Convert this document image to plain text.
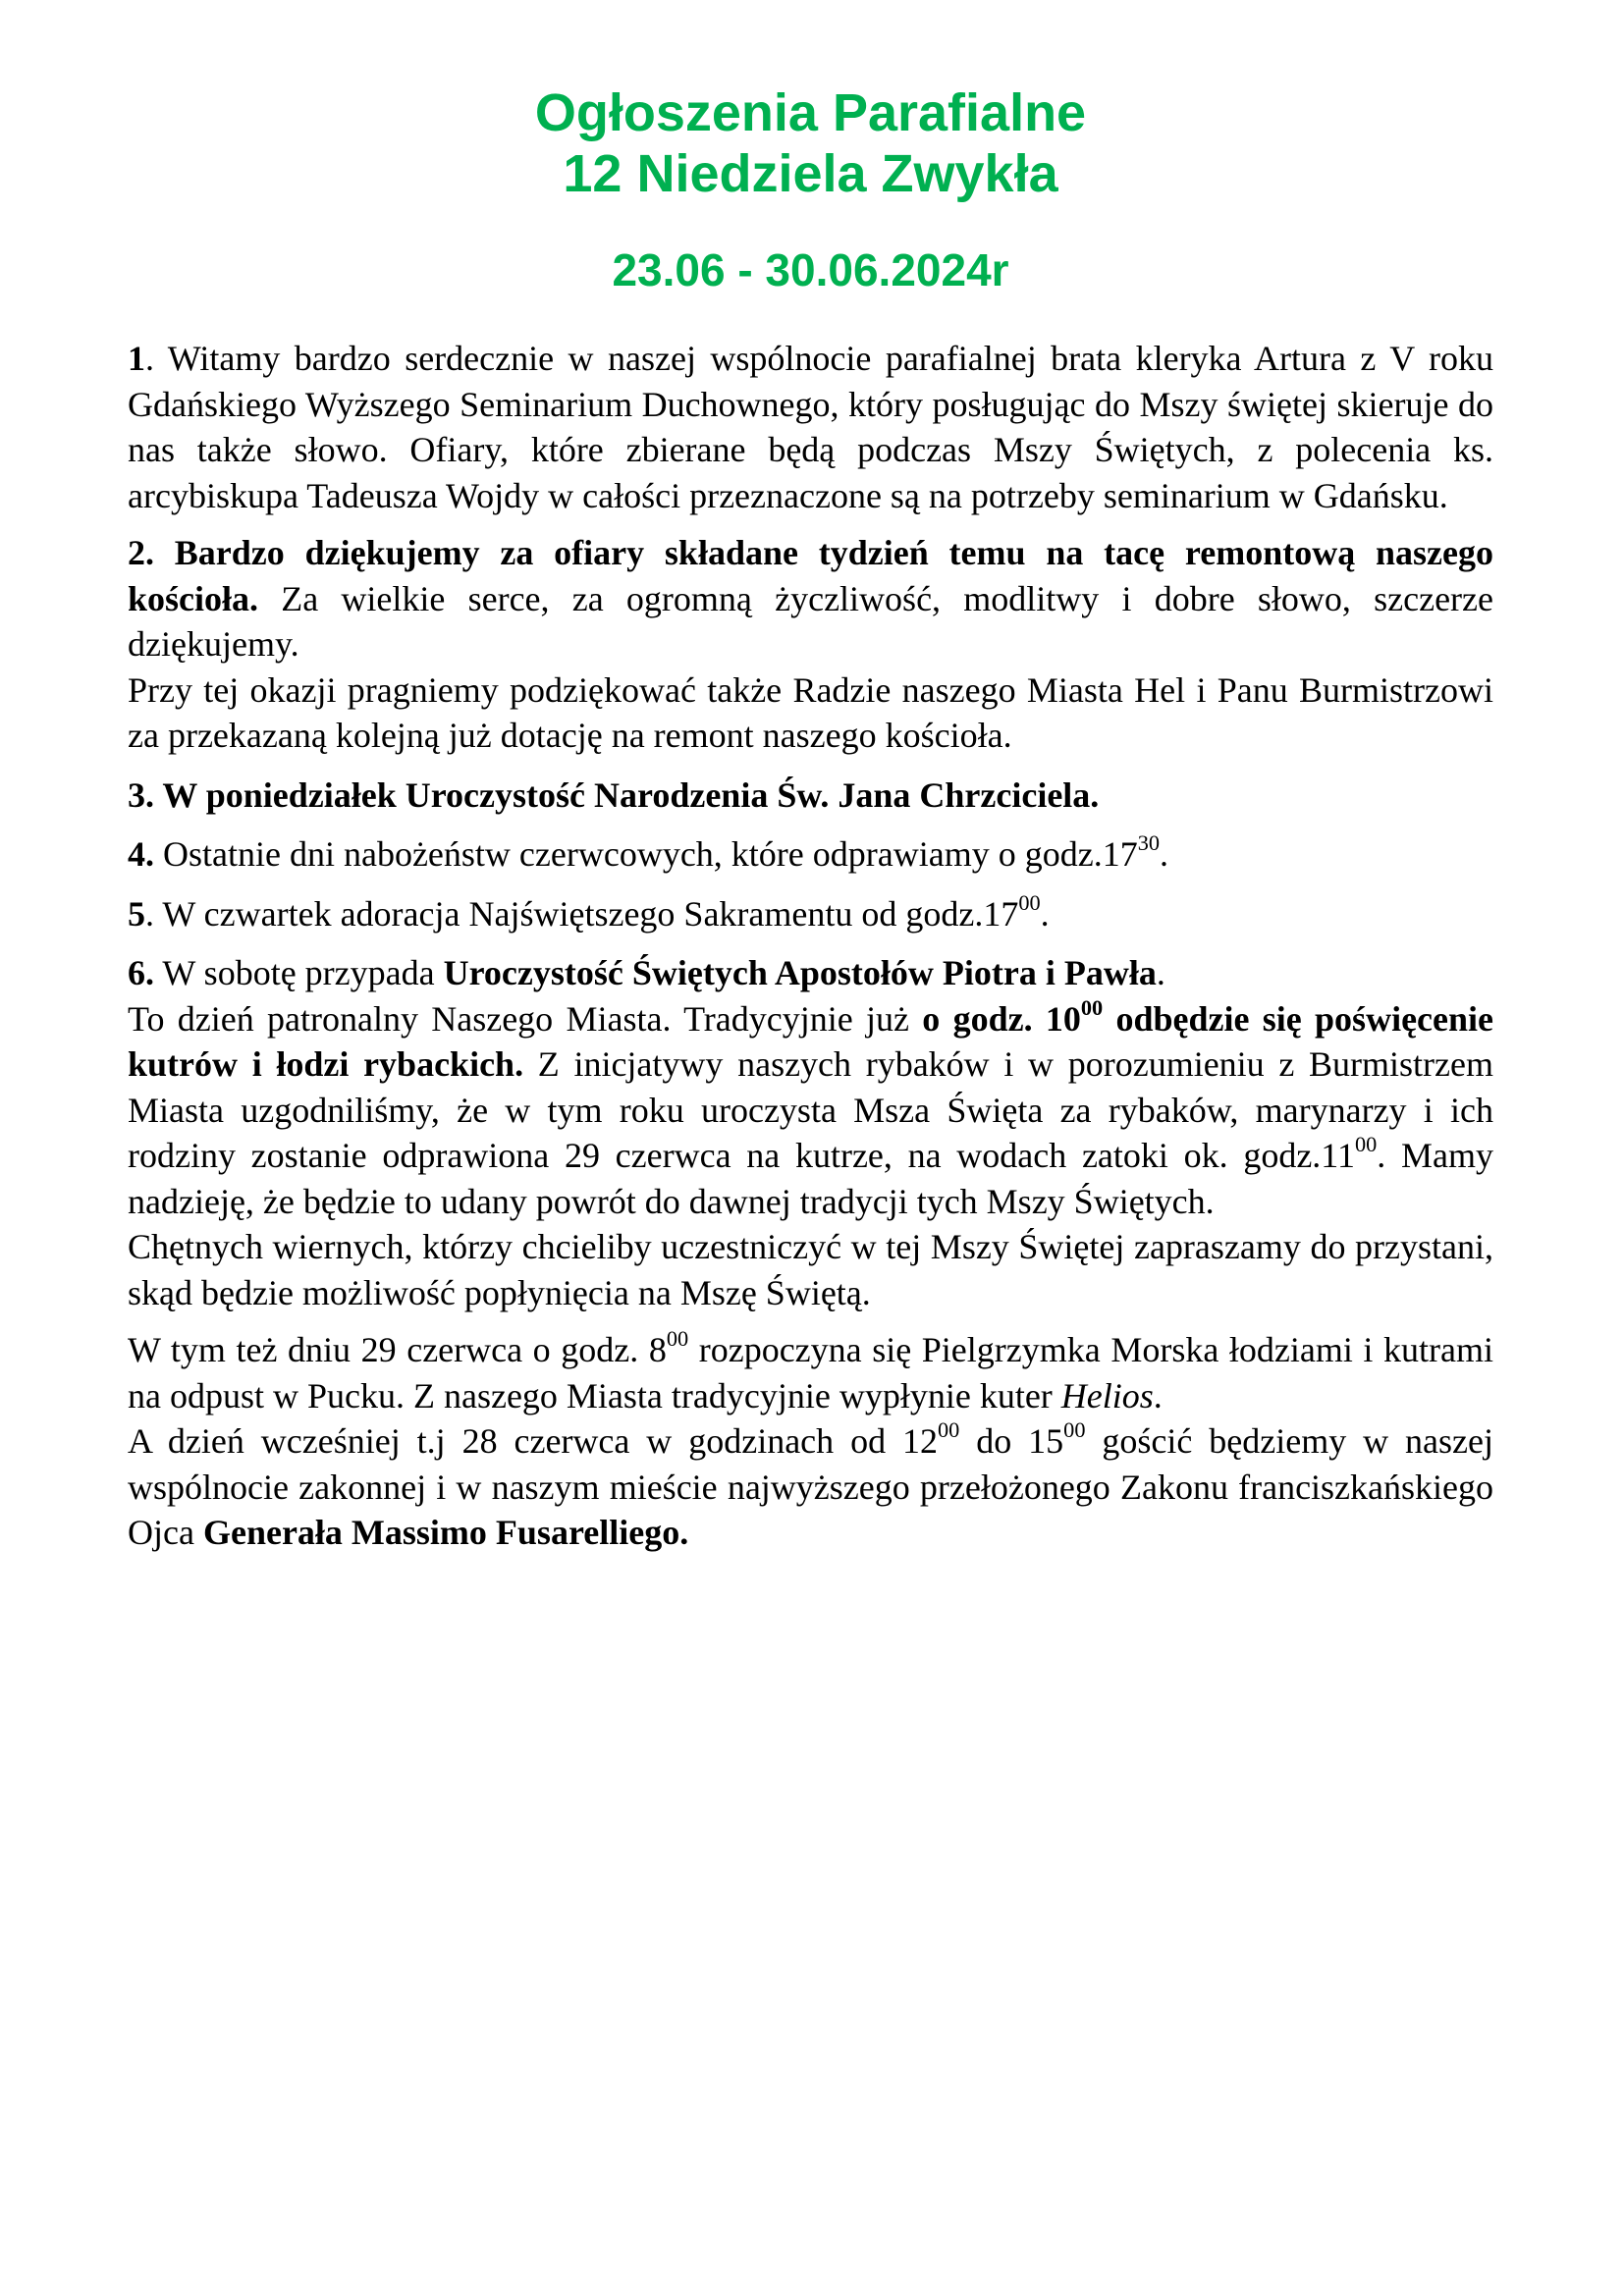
Ogłoszenia Parafialne
12 Niedziela Zwykła
23.06 - 30.06.2024r

1. Witamy bardzo serdecznie w naszej wspólnocie parafialnej brata kleryka Artura z V roku Gdańskiego Wyższego Seminarium Duchownego, który posługując do Mszy świętej skieruje do nas także słowo. Ofiary, które zbierane będą podczas Mszy Świętych, z polecenia ks. arcybiskupa Tadeusza Wojdy w całości przeznaczone są na potrzeby seminarium w Gdańsku.

2. Bardzo dziękujemy za ofiary składane tydzień temu na tacę remontową naszego kościoła. Za wielkie serce, za ogromną życzliwość, modlitwy i dobre słowo, szczerze dziękujemy.

Przy tej okazji pragniemy podziękować także Radzie naszego Miasta Hel i Panu Burmistrzowi za przekazaną kolejną już dotację na remont naszego kościoła.

3. W poniedziałek Uroczystość Narodzenia Św. Jana Chrzciciela.

4. Ostatnie dni nabożeństw czerwcowych, które odprawiamy o $godz.17^{30}$.

5. W czwartek adoracja Najświętszego Sakramentu od $godz.17^{00}$.

6. W sobotę przypada Uroczystość Świętych Apostołów Piotra i Pawła.

To dzień patronalny Naszego Miasta. Tradycyjnie już o godz. $10^{00}$ odbędzie się poświęcenie kutrów i łodzi rybackich. Z inicjatywy naszych rybaków i w porozumieniu z Burmistrzem Miasta uzgodniliśmy, że w tym roku uroczysta Msza Święta za rybaków, marynarzy i ich rodziny zostanie odprawiona 29 czerwca na kutrze, na wodach zatoki ok. $godz.11^{00}$. Mamy nadzieję, że będzie to udany powrót do dawnej tradycji tych Mszy Świętych.

Chętnych wiernych, którzy chcieliby uczestniczyć w tej Mszy Świętej zapraszamy do przystani, skąd będzie możliwość popłynięcia na Mszę Świętą.

W tym też dniu 29 czerwca o godz. $8^{00}$ rozpoczyna się Pielgrzymka Morska łodziami i kutrami na odpust w Pucku. Z naszego Miasta tradycyjnie wypłynie kuter Helios.

A dzień wcześniej t.j 28 czerwca w godzinach od $12^{00}$ do $15^{00}$ gościć będziemy w naszej wspólnocie zakonnej i w naszym mieście najwyższego przełożonego Zakonu franciszkańskiego Ojca Generała Massimo Fusarelliego.
